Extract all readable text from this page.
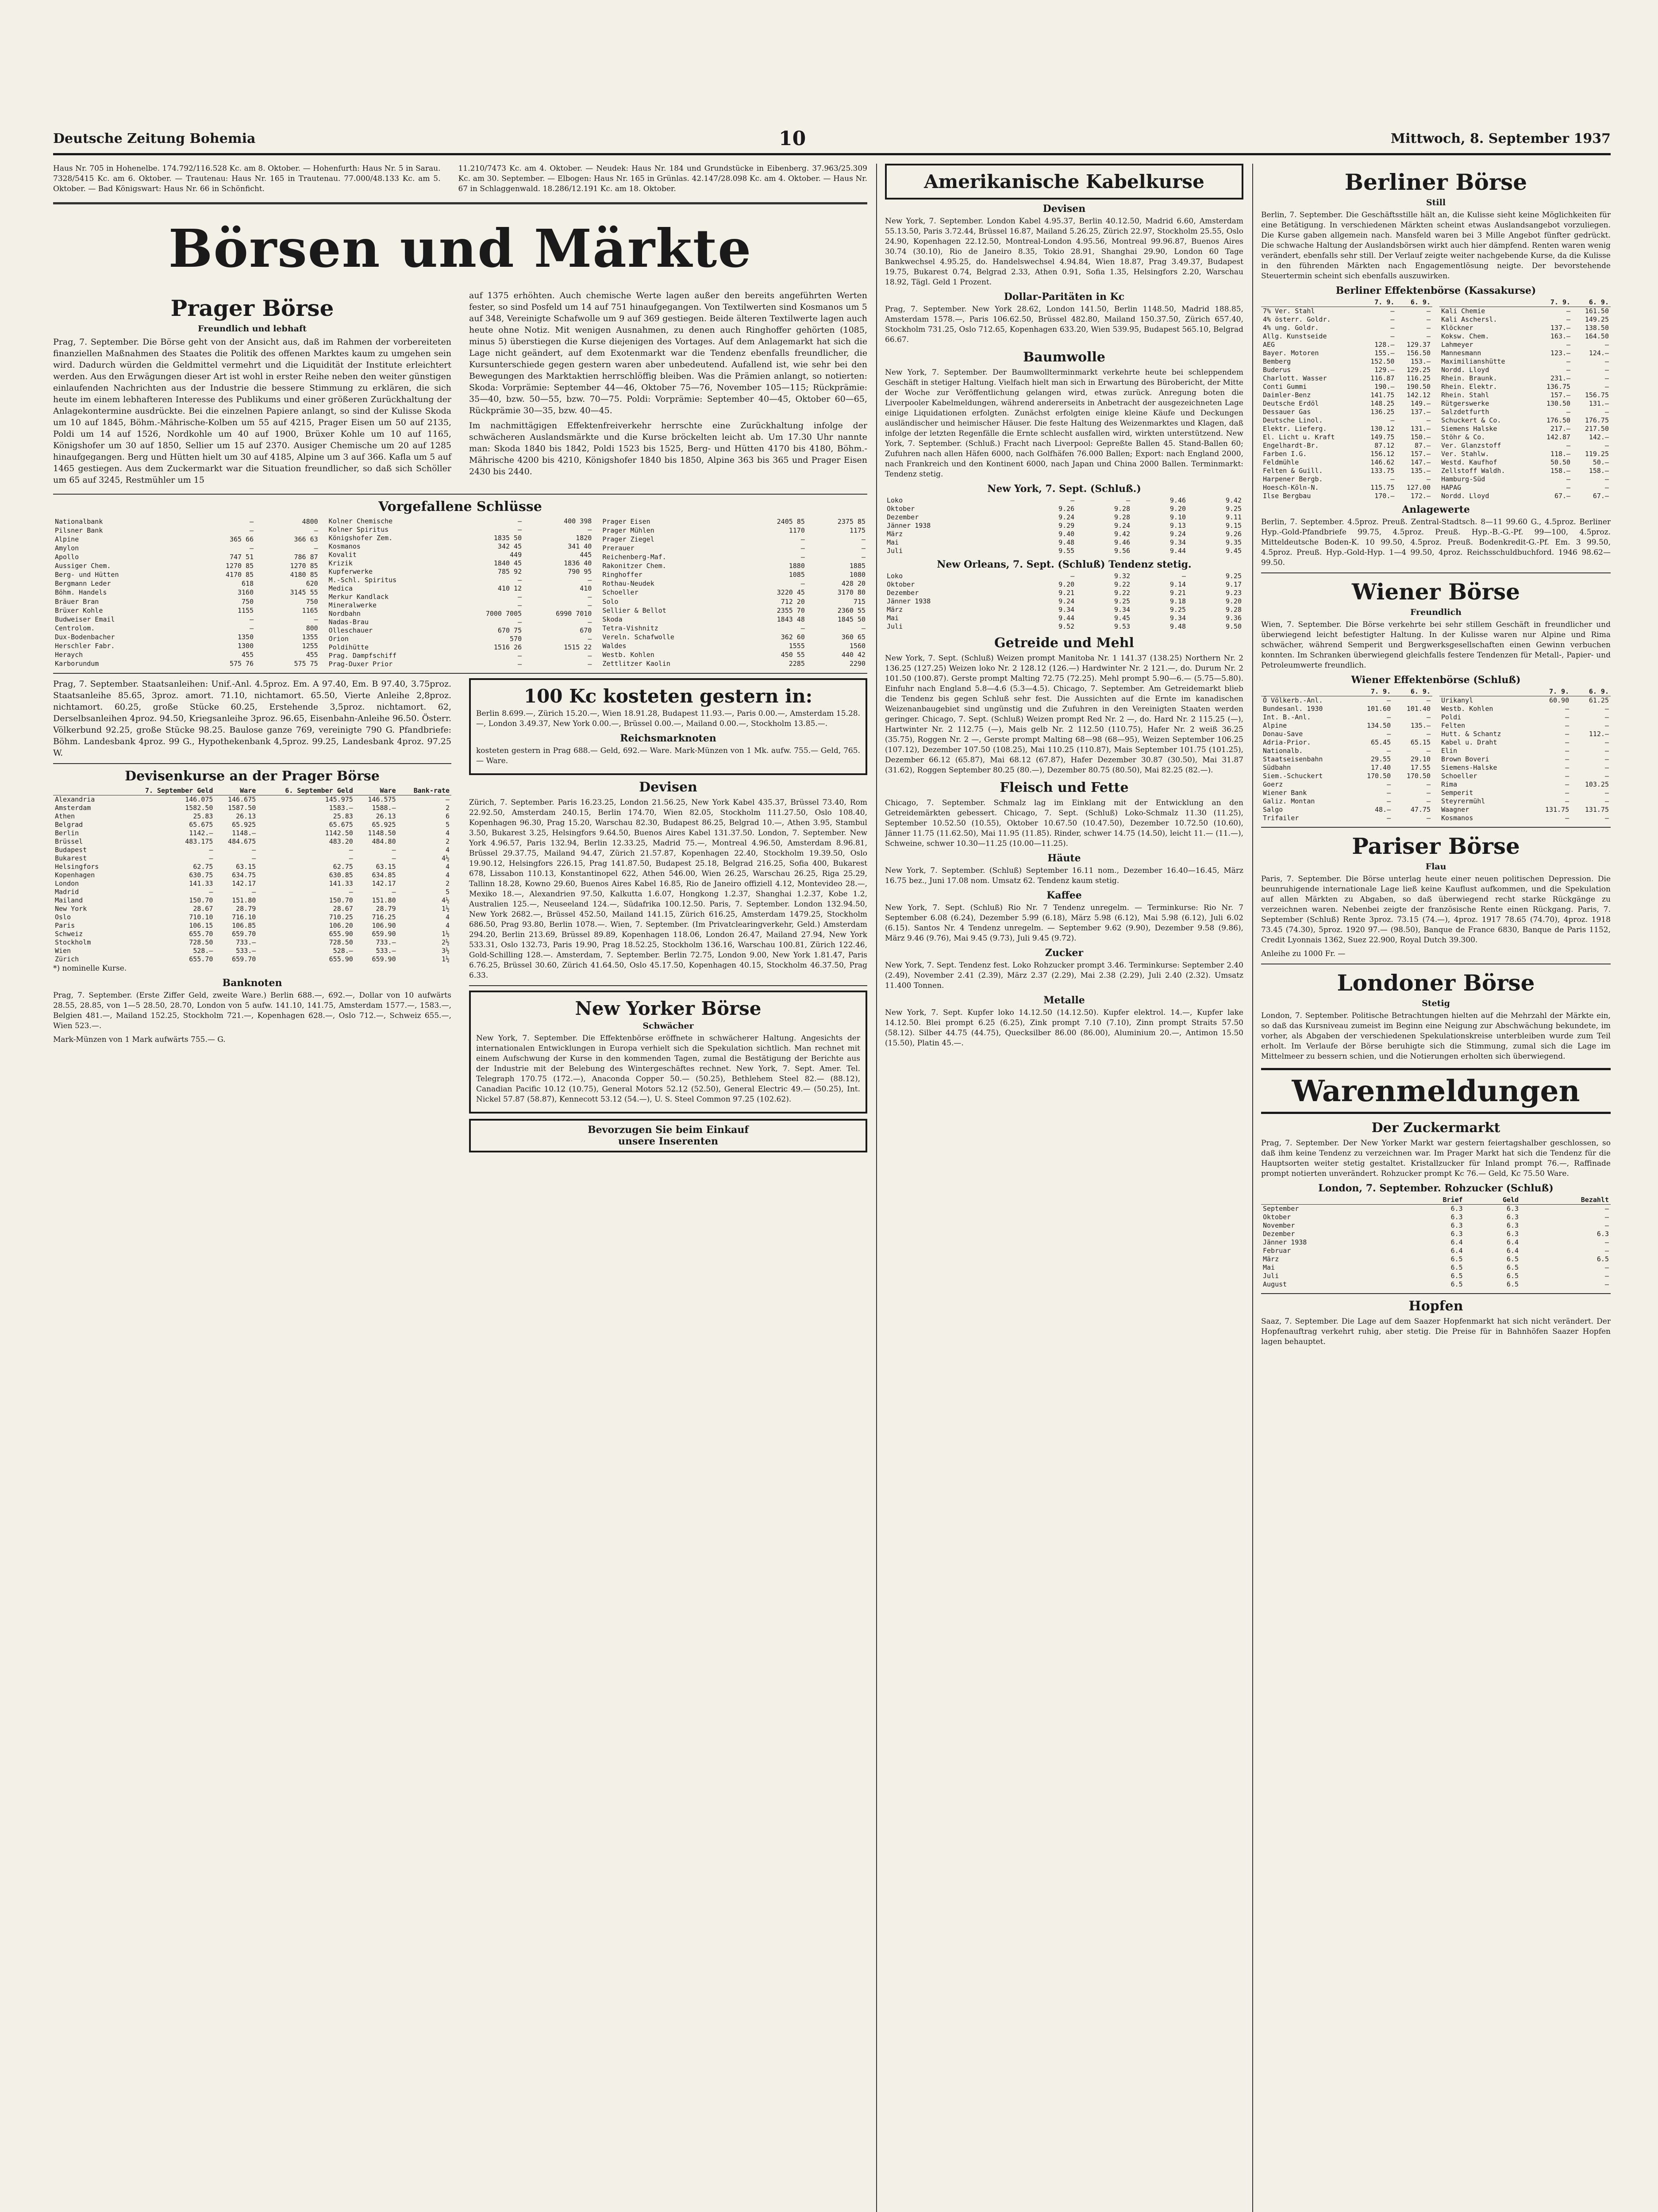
Deutsche Zeitung Bohemia	10	Mittwoch, 8. September 1937

Haus Nr. 705 in Hohenelbe. 174.792/116.528 Kc. am 8. Oktober. — Hohenfurth: Haus Nr. 5 in Sarau. 7328/5415 Kc. am 6. Oktober. — Trautenau: Haus Nr. 165 in Trautenau. 77.000/48.133 Kc. am 5. Oktober. — Bad Königswart: Haus Nr. 66 in Schönficht.

11.210/7473 Kc. am 4. Oktober. — Neudek: Haus Nr. 184 und Grundstücke in Eibenberg. 37.963/25.309 Kc. am 30. September. — Elbogen: Haus Nr. 165 in Grünlas. 42.147/28.098 Kc. am 4. Oktober. — Haus Nr. 67 in Schlaggenwald. 18.286/12.191 Kc. am 18. Oktober.

Börsen und Märkte
Prager Börse
Freundlich und lebhaft

Prag, 7. September. Die Börse geht von der Ansicht aus, daß im Rahmen der vorbereiteten finanziellen Maßnahmen des Staates die Politik des offenen Marktes kaum zu umgehen sein wird. Dadurch würden die Geldmittel vermehrt und die Liquidität der Institute erleichtert werden. Aus den Erwägungen dieser Art ist wohl in erster Reihe neben den weiter günstigen einlaufenden Nachrichten aus der Industrie die bessere Stimmung zu erklären, die sich heute im einem lebhafteren Interesse des Publikums und einer größeren Zurückhaltung der Anlagekontermine ausdrückte. Bei die einzelnen Papiere anlangt, so sind der Kulisse Skoda um 10 auf 1845, Böhm.-Mährische-Kolben um 55 auf 4215, Prager Eisen um 50 auf 2135, Poldi um 14 auf 1526, Nordkohle um 40 auf 1900, Brüxer Kohle um 10 auf 1165, Königshofer um 30 auf 1850, Sellier um 15 auf 2370. Ausiger Chemische um 20 auf 1285 hinaufgegangen. Berg und Hütten hielt um 30 auf 4185, Alpine um 3 auf 366. Kafla um 5 auf 1465 gestiegen. Aus dem Zuckermarkt war die Situation freundlicher, so daß sich Schöller um 65 auf 3245, Restmühler um 15

auf 1375 erhöhten. Auch chemische Werte lagen außer den bereits angeführten Werten fester, so sind Posfeld um 14 auf 751 hinaufgegangen. Von Textilwerten sind Kosmanos um 5 auf 348, Vereinigte Schafwolle um 9 auf 369 gestiegen. Beide älteren Textilwerte lagen auch heute ohne Notiz. Mit wenigen Ausnahmen, zu denen auch Ringhoffer gehörten (1085, minus 5) überstiegen die Kurse diejenigen des Vortages. Auf dem Anlagemarkt hat sich die Lage nicht geändert, auf dem Exotenmarkt war die Tendenz ebenfalls freundlicher, die Kursunterschiede gegen gestern waren aber unbedeutend. Aufallend ist, wie sehr bei den Bewegungen des Marktaktien herrschlöffig bleiben. Was die Prämien anlangt, so notierten: Skoda: Vorprämie: September 44—46, Oktober 75—76, November 105—115; Rückprämie: 35—40, bzw. 50—55, bzw. 70—75. Poldi: Vorprämie: September 40—45, Oktober 60—65, Rückprämie 30—35, bzw. 40—45.

Im nachmittägigen Effektenfreiverkehr herrschte eine Zurückhaltung infolge der schwächeren Auslandsmärkte und die Kurse bröckelten leicht ab. Um 17.30 Uhr nannte man: Skoda 1840 bis 1842, Poldi 1523 bis 1525, Berg- und Hütten 4170 bis 4180, Böhm.-Mährische 4200 bis 4210, Königshofer 1840 bis 1850, Alpine 363 bis 365 und Prager Eisen 2430 bis 2440.

Vorgefallene Schlüsse
Nationalbank	—	4800
Pilsner Bank	—	—
Alpine	365 66	366 63
Amylon	—	—
Apollo	747 51	786 87
Aussiger Chem.	1270 85	1270 85
Berg- und Hütten	4170 85	4180 85
Bergmann Leder	618	620
Böhm. Handels	3160	3145 55
Bräuer Bran	750	750
Brüxer Kohle	1155	1165
Budweiser Email	—	—
Centrolom.	—	800
Dux-Bodenbacher	1350	1355
Herschler Fabr.	1300	1255
Heraych	455	455
Karborundum	575 76	575 75
Kolner Chemische	—	400 398
Kolner Spiritus	—	—
Königshofer Zem.	1835 50	1820
Kosmanos	342 45	341 40
Kovalit	449	445
Krizik	1840 45	1836 40
Kupferwerke	785 92	790 95
M.-Schl. Spiritus	—	—
Medica	410 12	410
Merkur Kandlack	—	—
Mineralwerke	—	—
Nordbahn	7000 7005	6990 7010
Nadas-Brau	—	—
Olleschauer	670 75	670
Orion	570	—
Poldihütte	1516 26	1515 22
Prag. Dampfschiff	—	—
Prag-Duxer Prior	—	—
Prager Eisen	2405 85	2375 85
Prager Mühlen	1170	1175
Prager Ziegel	—	—
Prerauer	—	—
Reichenberg-Maf.	—	—
Rakonitzer Chem.	1880	1885
Ringhoffer	1085	1080
Rothau-Neudek	—	428 20
Schoeller	3220 45	3170 80
Solo	712 20	715
Sellier & Bellot	2355 70	2360 55
Skoda	1843 48	1845 50
Tetra-Vishnitz	—	—
Vereln. Schafwolle	362 60	360 65
Waldes	1555	1560
Westb. Kohlen	450 55	440 42
Zettlitzer Kaolin	2285	2290

Prag, 7. September. Staatsanleihen: Unif.-Anl. 4.5proz. Em. A 97.40, Em. B 97.40, 3.75proz. Staatsanleihe 85.65, 3proz. amort. 71.10, nichtamort. 65.50, Vierte Anleihe 2,8proz. nichtamort. 60.25, große Stücke 60.25, Erstehende 3,5proz. nichtamort. 62, Derselbsanleihen 4proz. 94.50, Kriegsanleihe 3proz. 96.65, Eisenbahn-Anleihe 96.50. Österr. Völkerbund 92.25, große Stücke 98.25. Baulose ganze 769, vereinigte 790 G. Pfandbriefe: Böhm. Landesbank 4proz. 99 G., Hypothekenbank 4,5proz. 99.25, Landesbank 4proz. 97.25 W.

Devisenkurse an der Prager Börse
	7. September Geld	Ware	6. September Geld	Ware	Bank-rate
Alexandria	146.075	146.675	145.975	146.575	—
Amsterdam	1582.50	1587.50	1583.—	1588.—	2
Athen	25.83	26.13	25.83	26.13	6
Belgrad	65.675	65.925	65.675	65.925	5
Berlin	1142.—	1148.—	1142.50	1148.50	4
Brüssel	483.175	484.675	483.20	484.80	2
Budapest	—	—	—	—	4
Bukarest	—	—	—	—	4½
Helsingfors	62.75	63.15	62.75	63.15	4
Kopenhagen	630.75	634.75	630.85	634.85	4
London	141.33	142.17	141.33	142.17	2
Madrid	—	—	—	—	5
Mailand	150.70	151.80	150.70	151.80	4½
New York	28.67	28.79	28.67	28.79	1½
Oslo	710.10	716.10	710.25	716.25	4
Paris	106.15	106.85	106.20	106.90	4
Schweiz	655.70	659.70	655.90	659.90	1½
Stockholm	728.50	733.—	728.50	733.—	2½
Wien	528.—	533.—	528.—	533.—	3½
Zürich	655.70	659.70	655.90	659.90	1½

*) nominelle Kurse.

Banknoten

Prag, 7. September. (Erste Ziffer Geld, zweite Ware.) Berlin 688.—, 692.—, Dollar von 10 aufwärts 28.55, 28.85, von 1—5 28.50, 28.70, London von 5 aufw. 141.10, 141.75, Amsterdam 1577.—, 1583.—, Belgien 481.—, Mailand 152.25, Stockholm 721.—, Kopenhagen 628.—, Oslo 712.—, Schweiz 655.—, Wien 523.—.

Mark-Münzen von 1 Mark aufwärts 755.— G.

100 Kc kosteten gestern in:

Berlin 8.699.—, Zürich 15.20.—, Wien 18.91.28, Budapest 11.93.—, Paris 0.00.—, Amsterdam 15.28.—, London 3.49.37, New York 0.00.—, Brüssel 0.00.—, Mailand 0.00.—, Stockholm 13.85.—.

Reichsmarknoten

kosteten gestern in Prag 688.— Geld, 692.— Ware. Mark-Münzen von 1 Mk. aufw. 755.— Geld, 765.— Ware.

Devisen

Zürich, 7. September. Paris 16.23.25, London 21.56.25, New York Kabel 435.37, Brüssel 73.40, Rom 22.92.50, Amsterdam 240.15, Berlin 174.70, Wien 82.05, Stockholm 111.27.50, Oslo 108.40, Kopenhagen 96.30, Prag 15.20, Warschau 82.30, Budapest 86.25, Belgrad 10.—, Athen 3.95, Stambul 3.50, Bukarest 3.25, Helsingfors 9.64.50, Buenos Aires Kabel 131.37.50. London, 7. September. New York 4.96.57, Paris 132.94, Berlin 12.33.25, Madrid 75.—, Montreal 4.96.50, Amsterdam 8.96.81, Brüssel 29.37.75, Mailand 94.47, Zürich 21.57.87, Kopenhagen 22.40, Stockholm 19.39.50, Oslo 19.90.12, Helsingfors 226.15, Prag 141.87.50, Budapest 25.18, Belgrad 216.25, Sofia 400, Bukarest 678, Lissabon 110.13, Konstantinopel 622, Athen 546.00, Wien 26.25, Warschau 26.25, Riga 25.29, Tallinn 18.28, Kowno 29.60, Buenos Aires Kabel 16.85, Rio de Janeiro offiziell 4.12, Montevideo 28.—, Mexiko 18.—, Alexandrien 97.50, Kalkutta 1.6.07, Hongkong 1.2.37, Shanghai 1.2.37, Kobe 1.2, Australien 125.—, Neuseeland 124.—, Südafrika 100.12.50. Paris, 7. September. London 132.94.50, New York 2682.—, Brüssel 452.50, Mailand 141.15, Zürich 616.25, Amsterdam 1479.25, Stockholm 686.50, Prag 93.80, Berlin 1078.—. Wien, 7. September. (Im Privatclearingverkehr, Geld.) Amsterdam 294.20, Berlin 213.69, Brüssel 89.89, Kopenhagen 118.06, London 26.47, Mailand 27.94, New York 533.31, Oslo 132.73, Paris 19.90, Prag 18.52.25, Stockholm 136.16, Warschau 100.81, Zürich 122.46, Gold-Schilling 128.—. Amsterdam, 7. September. Berlin 72.75, London 9.00, New York 1.81.47, Paris 6.76.25, Brüssel 30.60, Zürich 41.64.50, Oslo 45.17.50, Kopenhagen 40.15, Stockholm 46.37.50, Prag 6.33.

New Yorker Börse
Schwächer

New York, 7. September. Die Effektenbörse eröffnete in schwächerer Haltung. Angesichts der internationalen Entwicklungen in Europa verhielt sich die Spekulation sichtlich. Man rechnet mit einem Aufschwung der Kurse in den kommenden Tagen, zumal die Bestätigung der Berichte aus der Industrie mit der Belebung des Wintergeschäftes rechnet. New York, 7. Sept. Amer. Tel. Telegraph 170.75 (172.—), Anaconda Copper 50.— (50.25), Bethlehem Steel 82.— (88.12), Canadian Pacific 10.12 (10.75), General Motors 52.12 (52.50), General Electric 49.— (50.25), Int. Nickel 57.87 (58.87), Kennecott 53.12 (54.—), U. S. Steel Common 97.25 (102.62).

Bevorzugen Sie beim Einkauf
unsere Inserenten
Amerikanische Kabelkurse
Devisen

New York, 7. September. London Kabel 4.95.37, Berlin 40.12.50, Madrid 6.60, Amsterdam 55.13.50, Paris 3.72.44, Brüssel 16.87, Mailand 5.26.25, Zürich 22.97, Stockholm 25.55, Oslo 24.90, Kopenhagen 22.12.50, Montreal-London 4.95.56, Montreal 99.96.87, Buenos Aires 30.74 (30.10), Rio de Janeiro 8.35, Tokio 28.91, Shanghai 29.90, London 60 Tage Bankwechsel 4.95.25, do. Handelswechsel 4.94.84, Wien 18.87, Prag 3.49.37, Budapest 19.75, Bukarest 0.74, Belgrad 2.33, Athen 0.91, Sofia 1.35, Helsingfors 2.20, Warschau 18.92, Tägl. Geld 1 Prozent.

Dollar-Paritäten in Kc

Prag, 7. September. New York 28.62, London 141.50, Berlin 1148.50, Madrid 188.85, Amsterdam 1578.—, Paris 106.62.50, Brüssel 482.80, Mailand 150.37.50, Zürich 657.40, Stockholm 731.25, Oslo 712.65, Kopenhagen 633.20, Wien 539.95, Budapest 565.10, Belgrad 66.67.

Baumwolle

New York, 7. September. Der Baumwollterminmarkt verkehrte heute bei schleppendem Geschäft in stetiger Haltung. Vielfach hielt man sich in Erwartung des Bürobericht, der Mitte der Woche zur Veröffentlichung gelangen wird, etwas zurück. Anregung boten die Liverpooler Kabelmeldungen, während andererseits in Anbetracht der ausgezeichneten Lage einige Liquidationen erfolgten. Zunächst erfolgten einige kleine Käufe und Deckungen ausländischer und heimischer Häuser. Die feste Haltung des Weizenmarktes und Klagen, daß infolge der letzten Regenfälle die Ernte schlecht ausfallen wird, wirkten unterstützend. New York, 7. September. (Schluß.) Fracht nach Liverpool: Gepreßte Ballen 45. Stand-Ballen 60; Zufuhren nach allen Häfen 6000, nach Golfhäfen 76.000 Ballen; Export: nach England 2000, nach Frankreich und den Kontinent 6000, nach Japan und China 2000 Ballen. Terminmarkt: Tendenz stetig.

New York, 7. Sept. (Schluß.)
Loko	—	—	9.46	9.42
Oktober	9.26	9.28	9.20	9.25
Dezember	9.24	9.28	9.10	9.11
Jänner 1938	9.29	9.24	9.13	9.15
März	9.40	9.42	9.24	9.26
Mai	9.48	9.46	9.34	9.35
Juli	9.55	9.56	9.44	9.45
New Orleans, 7. Sept. (Schluß) Tendenz stetig.
Loko	—	9.32	—	9.25
Oktober	9.20	9.22	9.14	9.17
Dezember	9.21	9.22	9.21	9.23
Jänner 1938	9.24	9.25	9.18	9.20
März	9.34	9.34	9.25	9.28
Mai	9.44	9.45	9.34	9.36
Juli	9.52	9.53	9.48	9.50
Getreide und Mehl

New York, 7. Sept. (Schluß) Weizen prompt Manitoba Nr. 1 141.37 (138.25) Northern Nr. 2 136.25 (127.25) Weizen loko Nr. 2 128.12 (126.—) Hardwinter Nr. 2 121.—, do. Durum Nr. 2 101.50 (100.87). Gerste prompt Malting 72.75 (72.25). Mehl prompt 5.90—6.— (5.75—5.80). Einfuhr nach England 5.8—4.6 (5.3—4.5). Chicago, 7. September. Am Getreidemarkt blieb die Tendenz bis gegen Schluß sehr fest. Die Aussichten auf die Ernte im kanadischen Weizenanbaugebiet sind ungünstig und die Zufuhren in den Vereinigten Staaten werden geringer. Chicago, 7. Sept. (Schluß) Weizen prompt Red Nr. 2 —, do. Hard Nr. 2 115.25 (—), Hartwinter Nr. 2 112.75 (—), Mais gelb Nr. 2 112.50 (110.75), Hafer Nr. 2 weiß 36.25 (35.75), Roggen Nr. 2 —, Gerste prompt Malting 68—98 (68—95), Weizen September 106.25 (107.12), Dezember 107.50 (108.25), Mai 110.25 (110.87), Mais September 101.75 (101.25), Dezember 66.12 (65.87), Mai 68.12 (67.87), Hafer Dezember 30.87 (30.50), Mai 31.87 (31.62), Roggen September 80.25 (80.—), Dezember 80.75 (80.50), Mai 82.25 (82.—).

Fleisch und Fette

Chicago, 7. September. Schmalz lag im Einklang mit der Entwicklung an den Getreidemärkten gebessert. Chicago, 7. Sept. (Schluß) Loko-Schmalz 11.30 (11.25), September 10.52.50 (10.55), Oktober 10.67.50 (10.47.50), Dezember 10.72.50 (10.60), Jänner 11.75 (11.62.50), Mai 11.95 (11.85). Rinder, schwer 14.75 (14.50), leicht 11.— (11.—), Schweine, schwer 10.30—11.25 (10.00—11.25).

Häute

New York, 7. September. (Schluß) September 16.11 nom., Dezember 16.40—16.45, März 16.75 bez., Juni 17.08 nom. Umsatz 62. Tendenz kaum stetig.

Kaffee

New York, 7. Sept. (Schluß) Rio Nr. 7 Tendenz unregelm. — Terminkurse: Rio Nr. 7 September 6.08 (6.24), Dezember 5.99 (6.18), März 5.98 (6.12), Mai 5.98 (6.12), Juli 6.02 (6.15). Santos Nr. 4 Tendenz unregelm. — September 9.62 (9.90), Dezember 9.58 (9.86), März 9.46 (9.76), Mai 9.45 (9.73), Juli 9.45 (9.72).

Zucker

New York, 7. Sept. Tendenz fest. Loko Rohzucker prompt 3.46. Terminkurse: September 2.40 (2.49), November 2.41 (2.39), März 2.37 (2.29), Mai 2.38 (2.29), Juli 2.40 (2.32). Umsatz 11.400 Tonnen.

Metalle

New York, 7. Sept. Kupfer loko 14.12.50 (14.12.50). Kupfer elektrol. 14.—, Kupfer lake 14.12.50. Blei prompt 6.25 (6.25), Zink prompt 7.10 (7.10), Zinn prompt Straits 57.50 (58.12). Silber 44.75 (44.75), Quecksilber 86.00 (86.00), Aluminium 20.—, Antimon 15.50 (15.50), Platin 45.—.

Berliner Börse
Still

Berlin, 7. September. Die Geschäftsstille hält an, die Kulisse sieht keine Möglichkeiten für eine Betätigung. In verschiedenen Märkten scheint etwas Auslandsangebot vorzuliegen. Die Kurse gaben allgemein nach. Mansfeld waren bei 3 Mille Angebot fünfter gedrückt. Die schwache Haltung der Auslandsbörsen wirkt auch hier dämpfend. Renten waren wenig verändert, ebenfalls sehr still. Der Verlauf zeigte weiter nachgebende Kurse, da die Kulisse in den führenden Märkten nach Engagementlösung neigte. Der bevorstehende Steuertermin scheint sich ebenfalls auszuwirken.

Berliner Effektenbörse (Kassakurse)
	7. 9.	6. 9.
7% Ver. Stahl	—	—
4% österr. Goldr.	—	—
4% ung. Goldr.	—	—
Allg. Kunstseide	—	—
AEG	128.—	129.37
Bayer. Motoren	155.—	156.50
Bemberg	152.50	153.—
Buderus	129.—	129.25
Charlott. Wasser	116.87	116.25
Conti Gummi	190.—	190.50
Daimler-Benz	141.75	142.12
Deutsche Erdöl	148.25	149.—
Dessauer Gas	136.25	137.—
Deutsche Linol.	—	—
Elektr. Lieferg.	130.12	131.—
El. Licht u. Kraft	149.75	150.—
Engelhardt-Br.	87.12	87.—
Farben I.G.	156.12	157.—
Feldmühle	146.62	147.—
Felten & Guill.	133.75	135.—
Harpener Bergb.	—	—
Hoesch-Köln-N.	115.75	127.00
Ilse Bergbau	170.—	172.—
	7. 9.	6. 9.
Kali Chemie	—	161.50
Kali Aschersl.	—	149.25
Klöckner	137.—	138.50
Koksw. Chem.	163.—	164.50
Lahmeyer	—	—
Mannesmann	123.—	124.—
Maximilianshütte	—	—
Nordd. Lloyd	—	—
Rhein. Braunk.	231.—	—
Rhein. Elektr.	136.75	—
Rhein. Stahl	157.—	156.75
Rütgerswerke	130.50	131.—
Salzdetfurth	—	—
Schuckert & Co.	176.50	176.75
Siemens Halske	217.—	217.50
Stöhr & Co.	142.87	142.—
Ver. Glanzstoff	—	—
Ver. Stahlw.	118.—	119.25
Westd. Kaufhof	50.50	50.—
Zellstoff Waldh.	158.—	158.—
Hamburg-Süd	—	—
HAPAG	—	—
Nordd. Lloyd	67.—	67.—
Anlagewerte

Berlin, 7. September. 4.5proz. Preuß. Zentral-Stadtsch. 8—11 99.60 G., 4.5proz. Berliner Hyp.-Gold-Pfandbriefe 99.75, 4.5proz. Preuß. Hyp.-B.-G.-Pf. 99—100, 4.5proz. Mitteldeutsche Boden-K. 10 99.50, 4.5proz. Preuß. Bodenkredit-G.-Pf. Em. 3 99.50, 4.5proz. Preuß. Hyp.-Gold-Hyp. 1—4 99.50, 4proz. Reichsschuldbuchford. 1946 98.62—99.50.

Wiener Börse
Freundlich

Wien, 7. September. Die Börse verkehrte bei sehr stillem Geschäft in freundlicher und überwiegend leicht befestigter Haltung. In der Kulisse waren nur Alpine und Rima schwächer, während Semperit und Bergwerksgesellschaften einen Gewinn verbuchen konnten. Im Schranken überwiegend gleichfalls festere Tendenzen für Metall-, Papier- und Petroleumwerte freundlich.

Wiener Effektenbörse (Schluß)
	7. 9.	6. 9.
Ö Völkerb.-Anl.	—	—
Bundesanl. 1930	101.60	101.40
Int. B.-Anl.	—	—
Alpine	134.50	135.—
Donau-Save	—	—
Adria-Prior.	65.45	65.15
Nationalb.	—	—
Staatseisenbahn	29.55	29.10
Südbahn	17.40	17.55
Siem.-Schuckert	170.50	170.50
Goerz	—	—
Wiener Bank	—	—
Galiz. Montan	—	—
Salgo	48.—	47.75
Trifailer	—	—
	7. 9.	6. 9.
Urikanyl	60.90	61.25
Westb. Kohlen	—	—
Poldi	—	—
Felten	—	—
Hutt. & Schantz	—	112.—
Kabel u. Draht	—	—
Elin	—	—
Brown Boveri	—	—
Siemens-Halske	—	—
Schoeller	—	—
Rima	—	103.25
Semperit	—	—
Steyrermühl	—	—
Waagner	131.75	131.75
Kosmanos	—	—
Pariser Börse
Flau

Paris, 7. September. Die Börse unterlag heute einer neuen politischen Depression. Die beunruhigende internationale Lage ließ keine Kauflust aufkommen, und die Spekulation auf allen Märkten zu Abgaben, so daß überwiegend recht starke Rückgänge zu verzeichnen waren. Nebenbei zeigte der französische Rente einen Rückgang. Paris, 7. September (Schluß) Rente 3proz. 73.15 (74.—), 4proz. 1917 78.65 (74.70), 4proz. 1918 73.45 (74.30), 5proz. 1920 97.— (98.50), Banque de France 6830, Banque de Paris 1152, Credit Lyonnais 1362, Suez 22.900, Royal Dutch 39.300.

Anleihe zu 1000 Fr. —

Londoner Börse
Stetig

London, 7. September. Politische Betrachtungen hielten auf die Mehrzahl der Märkte ein, so daß das Kursniveau zumeist im Beginn eine Neigung zur Abschwächung bekundete, im vorher, als Abgaben der verschiedenen Spekulationskreise unterbleiben wurde zum Teil erholt. Im Verlaufe der Börse beruhigte sich die Stimmung, zumal sich die Lage im Mittelmeer zu bessern schien, und die Notierungen erholten sich überwiegend.

Warenmeldungen
Der Zuckermarkt

Prag, 7. September. Der New Yorker Markt war gestern feiertagshalber geschlossen, so daß ihm keine Tendenz zu verzeichnen war. Im Prager Markt hat sich die Tendenz für die Hauptsorten weiter stetig gestaltet. Kristallzucker für Inland prompt 76.—, Raffinade prompt notierten unverändert. Rohzucker prompt Kc 76.— Geld, Kc 75.50 Ware.

London, 7. September. Rohzucker (Schluß)
	Brief	Geld	Bezahlt
September	6.3	6.3	—
Oktober	6.3	6.3	—
November	6.3	6.3	—
Dezember	6.3	6.3	6.3
Jänner 1938	6.4	6.4	—
Februar	6.4	6.4	—
März	6.5	6.5	6.5
Mai	6.5	6.5	—
Juli	6.5	6.5	—
August	6.5	6.5	—
Hopfen

Saaz, 7. September. Die Lage auf dem Saazer Hopfenmarkt hat sich nicht verändert. Der Hopfenauftrag verkehrt ruhig, aber stetig. Die Preise für in Bahnhöfen Saazer Hopfen lagen behauptet.
